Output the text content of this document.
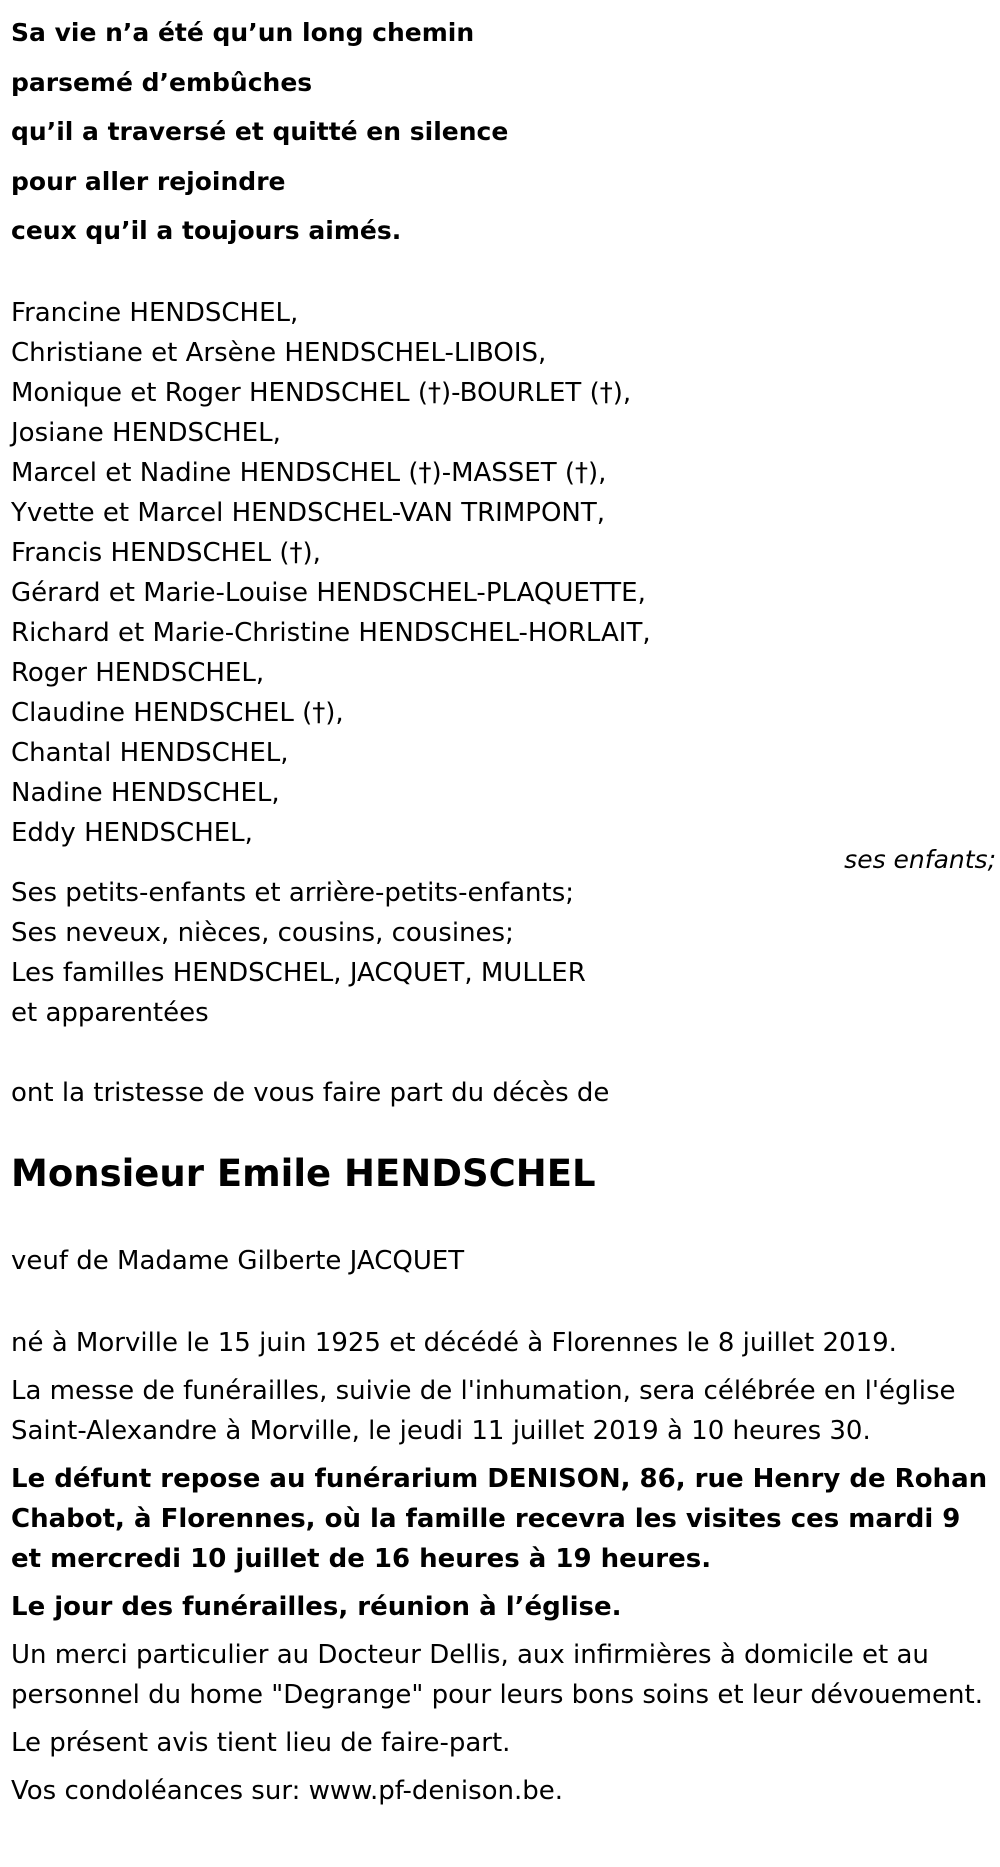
Sa vie n’a été qu’un long chemin
parsemé d’embûches
qu’il a traversé et quitté en silence
pour aller rejoindre
ceux qu’il a toujours aimés.
Francine HENDSCHEL,
Christiane et Arsène HENDSCHEL-LIBOIS,
Monique et Roger HENDSCHEL (†)-BOURLET (†),
Josiane HENDSCHEL,
Marcel et Nadine HENDSCHEL (†)-MASSET (†),
Yvette et Marcel HENDSCHEL-VAN TRIMPONT,
Francis HENDSCHEL (†),
Gérard et Marie-Louise HENDSCHEL-PLAQUETTE,
Richard et Marie-Christine HENDSCHEL-HORLAIT,
Roger HENDSCHEL,
Claudine HENDSCHEL (†),
Chantal HENDSCHEL,
Nadine HENDSCHEL,
Eddy HENDSCHEL,
ses enfants;
Ses petits-enfants et arrière-petits-enfants;
Ses neveux, nièces, cousins, cousines;
Les familles HENDSCHEL, JACQUET, MULLER
et apparentées
ont la tristesse de vous faire part du décès de
Monsieur Emile HENDSCHEL
veuf de Madame Gilberte JACQUET
né à Morville le 15 juin 1925 et décédé à Florennes le 8 juillet 2019.
La messe de funérailles, suivie de l'inhumation, sera célébrée en l'église Saint-Alexandre à Morville, le jeudi 11 juillet 2019 à 10 heures 30.
Le défunt repose au funérarium DENISON, 86, rue Henry de Rohan Chabot, à Florennes, où la famille recevra les visites ces mardi 9 et mercredi 10 juillet de 16 heures à 19 heures.
Le jour des funérailles, réunion à l’église.
Un merci particulier au Docteur Dellis, aux infirmières à domicile et au personnel du home "Degrange" pour leurs bons soins et leur dévouement.
Le présent avis tient lieu de faire-part.
Vos condoléances sur: www.pf-denison.be.
